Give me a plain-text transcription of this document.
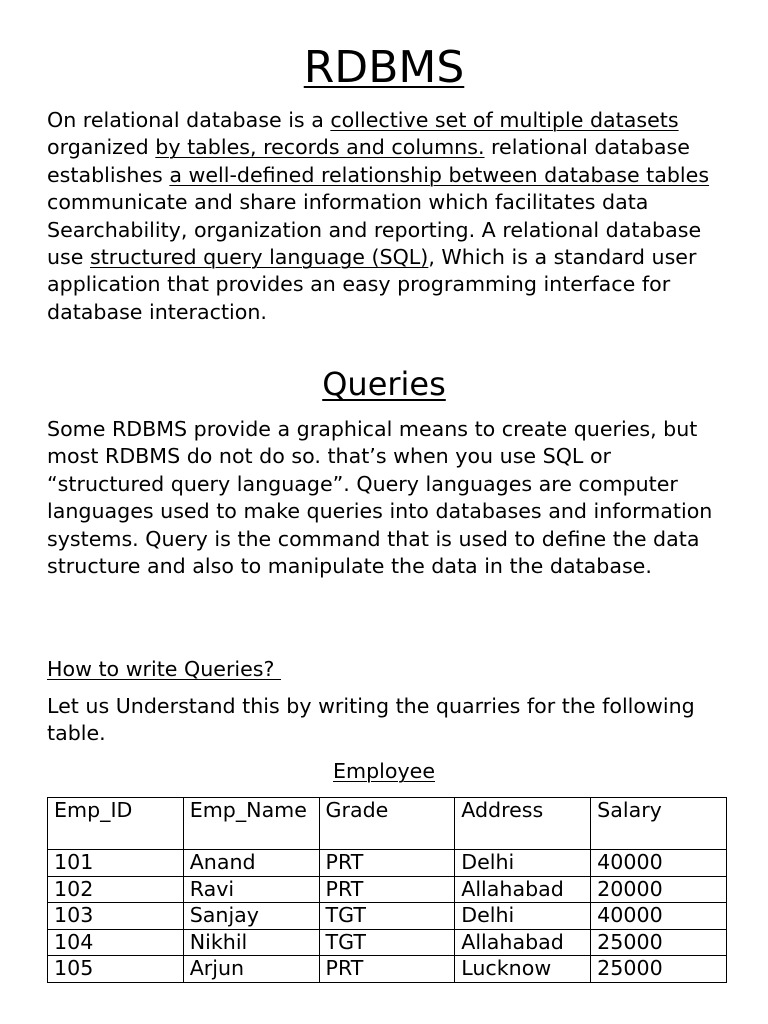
RDBMS

On relational database is a collective set of multiple datasets organized by tables, records and columns. relational database establishes a well-defined relationship between database tables communicate and share information which facilitates data Searchability, organization and reporting. A relational database use structured query language (SQL), Which is a standard user application that provides an easy programming interface for database interaction.

Queries

Some RDBMS provide a graphical means to create queries, but most RDBMS do not do so. that’s when you use SQL or “structured query language”. Query languages are computer languages used to make queries into databases and information systems. Query is the command that is used to define the data structure and also to manipulate the data in the database.

How to write Queries?

Let us Understand this by writing the quarries for the following table.

Employee

Emp_ID	Emp_Name	Grade	Address	Salary
101	Anand	PRT	Delhi	40000
102	Ravi	PRT	Allahabad	20000
103	Sanjay	TGT	Delhi	40000
104	Nikhil	TGT	Allahabad	25000
105	Arjun	PRT	Lucknow	25000
